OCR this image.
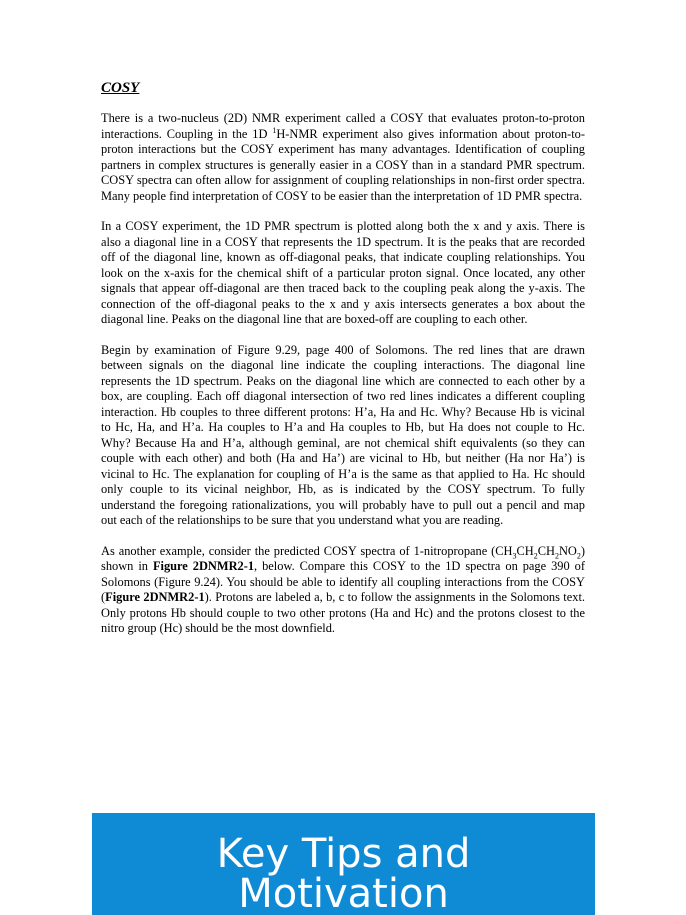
COSY

There is a two-nucleus (2D) NMR experiment called a COSY that evaluates proton-to-proton interactions. Coupling in the 1D $^1$H-NMR experiment also gives information about proton-to-proton interactions but the COSY experiment has many advantages. Identification of coupling partners in complex structures is generally easier in a COSY than in a standard PMR spectrum. COSY spectra can often allow for assignment of coupling relationships in non-first order spectra. Many people find interpretation of COSY to be easier than the interpretation of 1D PMR spectra.

In a COSY experiment, the 1D PMR spectrum is plotted along both the x and y axis. There is also a diagonal line in a COSY that represents the 1D spectrum. It is the peaks that are recorded off of the diagonal line, known as off-diagonal peaks, that indicate coupling relationships. You look on the x-axis for the chemical shift of a particular proton signal. Once located, any other signals that appear off-diagonal are then traced back to the coupling peak along the y-axis. The connection of the off-diagonal peaks to the x and y axis intersects generates a box about the diagonal line. Peaks on the diagonal line that are boxed-off are coupling to each other.

Begin by examination of Figure 9.29, page 400 of Solomons. The red lines that are drawn between signals on the diagonal line indicate the coupling interactions. The diagonal line represents the 1D spectrum. Peaks on the diagonal line which are connected to each other by a box, are coupling. Each off diagonal intersection of two red lines indicates a different coupling interaction. Hb couples to three different protons: H’a, Ha and Hc. Why? Because Hb is vicinal to Hc, Ha, and H’a. Ha couples to H’a and Ha couples to Hb, but Ha does not couple to Hc. Why? Because Ha and H’a, although geminal, are not chemical shift equivalents (so they can couple with each other) and both (Ha and Ha’) are vicinal to Hb, but neither (Ha nor Ha’) is vicinal to Hc. The explanation for coupling of H’a is the same as that applied to Ha. Hc should only couple to its vicinal neighbor, Hb, as is indicated by the COSY spectrum. To fully understand the foregoing rationalizations, you will probably have to pull out a pencil and map out each of the relationships to be sure that you understand what you are reading.

As another example, consider the predicted COSY spectra of 1-nitropropane $(CH_3CH_2CH_2NO_2)$ shown in Figure 2DNMR2-1, below. Compare this COSY to the 1D spectra on page 390 of Solomons (Figure 9.24). You should be able to identify all coupling interactions from the COSY (Figure 2DNMR2-1). Protons are labeled a, b, c to follow the assignments in the Solomons text. Only protons Hb should couple to two other protons (Ha and Hc) and the protons closest to the nitro group (Hc) should be the most downfield.

Key Tips and Motivation
